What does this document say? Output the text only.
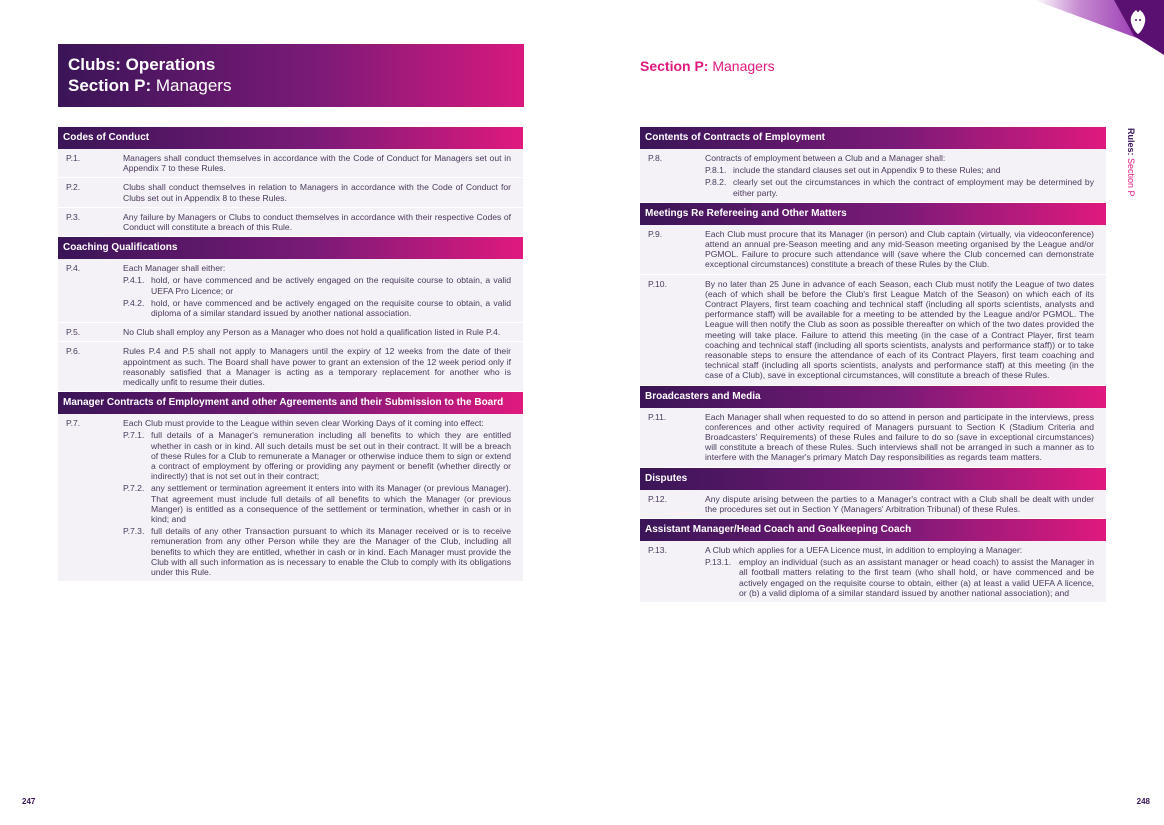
Clubs: Operations
Section P: Managers
Section P: Managers
Rules: Section P
Codes of Conduct
P.1.	Managers shall conduct themselves in accordance with the Code of Conduct for Managers set out in Appendix 7 to these Rules.
P.2.	Clubs shall conduct themselves in relation to Managers in accordance with the Code of Conduct for Clubs set out in Appendix 8 to these Rules.
P.3.	Any failure by Managers or Clubs to conduct themselves in accordance with their respective Codes of Conduct will constitute a breach of this Rule.
Coaching Qualifications
P.4.	Each Manager shall either:
P.4.1. hold, or have commenced and be actively engaged on the requisite course to obtain, a valid UEFA Pro Licence; or
P.4.2. hold, or have commenced and be actively engaged on the requisite course to obtain, a valid diploma of a similar standard issued by another national association.
P.5.	No Club shall employ any Person as a Manager who does not hold a qualification listed in Rule P.4.
P.6.	Rules P.4 and P.5 shall not apply to Managers until the expiry of 12 weeks from the date of their appointment as such. The Board shall have power to grant an extension of the 12 week period only if reasonably satisfied that a Manager is acting as a temporary replacement for another who is medically unfit to resume their duties.
Manager Contracts of Employment and other Agreements and their Submission to the Board
P.7.	Each Club must provide to the League within seven clear Working Days of it coming into effect:
P.7.1. full details of a Manager's remuneration including all benefits to which they are entitled whether in cash or in kind. All such details must be set out in their contract. It will be a breach of these Rules for a Club to remunerate a Manager or otherwise induce them to sign or extend a contract of employment by offering or providing any payment or benefit (whether directly or indirectly) that is not set out in their contract;
P.7.2. any settlement or termination agreement it enters into with its Manager (or previous Manager). That agreement must include full details of all benefits to which the Manager (or previous Manger) is entitled as a consequence of the settlement or termination, whether in cash or in kind; and
P.7.3. full details of any other Transaction pursuant to which its Manager received or is to receive remuneration from any other Person while they are the Manager of the Club, including all benefits to which they are entitled, whether in cash or in kind. Each Manager must provide the Club with all such information as is necessary to enable the Club to comply with its obligations under this Rule.
Contents of Contracts of Employment
P.8.	Contracts of employment between a Club and a Manager shall:
P.8.1. include the standard clauses set out in Appendix 9 to these Rules; and
P.8.2. clearly set out the circumstances in which the contract of employment may be determined by either party.
Meetings Re Refereeing and Other Matters
P.9.	Each Club must procure that its Manager (in person) and Club captain (virtually, via videoconference) attend an annual pre-Season meeting and any mid-Season meeting organised by the League and/or PGMOL. Failure to procure such attendance will (save where the Club concerned can demonstrate exceptional circumstances) constitute a breach of these Rules by the Club.
P.10.	By no later than 25 June in advance of each Season, each Club must notify the League of two dates (each of which shall be before the Club's first League Match of the Season) on which each of its Contract Players, first team coaching and technical staff (including all sports scientists, analysts and performance staff) will be available for a meeting to be attended by the League and/or PGMOL. The League will then notify the Club as soon as possible thereafter on which of the two dates provided the meeting will take place. Failure to attend this meeting (in the case of a Contract Player, first team coaching and technical staff (including all sports scientists, analysts and performance staff)) or to take reasonable steps to ensure the attendance of each of its Contract Players, first team coaching and technical staff (including all sports scientists, analysts and performance staff) at this meeting (in the case of a Club), save in exceptional circumstances, will constitute a breach of these Rules.
Broadcasters and Media
P.11.	Each Manager shall when requested to do so attend in person and participate in the interviews, press conferences and other activity required of Managers pursuant to Section K (Stadium Criteria and Broadcasters' Requirements) of these Rules and failure to do so (save in exceptional circumstances) will constitute a breach of these Rules. Such interviews shall not be arranged in such a manner as to interfere with the Manager's primary Match Day responsibilities as regards team matters.
Disputes
P.12.	Any dispute arising between the parties to a Manager's contract with a Club shall be dealt with under the procedures set out in Section Y (Managers' Arbitration Tribunal) of these Rules.
Assistant Manager/Head Coach and Goalkeeping Coach
P.13.	A Club which applies for a UEFA Licence must, in addition to employing a Manager:
P.13.1. employ an individual (such as an assistant manager or head coach) to assist the Manager in all football matters relating to the first team (who shall hold, or have commenced and be actively engaged on the requisite course to obtain, either (a) at least a valid UEFA A licence, or (b) a valid diploma of a similar standard issued by another national association); and
247	248
